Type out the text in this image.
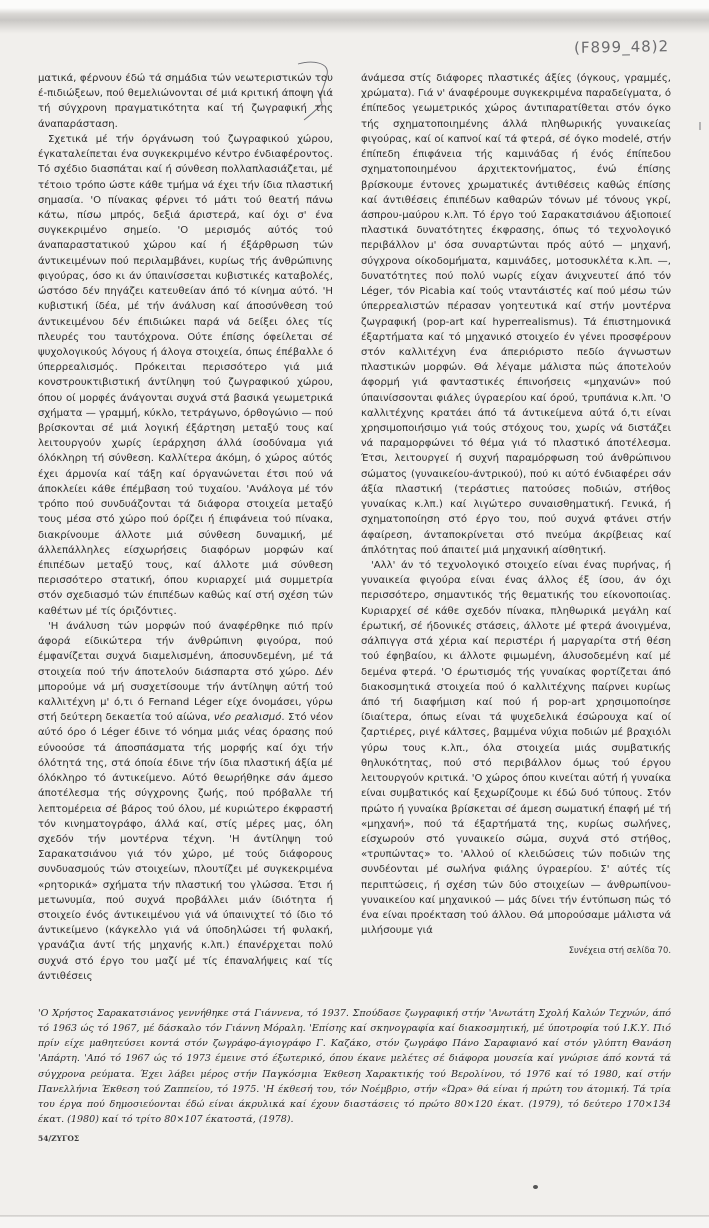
(F899_48)2

ματικά, φέρνουν έδώ τά σημάδια τών νεωτεριστικών του έ-πιδιώξεων, πού θεμελιώνονται σέ μιά κριτική άποψη γιά τή σύγχρονη πραγματικότητα καί τή ζωγραφική της άναπαράσταση.

Σχετικά μέ τήν όργάνωση τού ζωγραφικού χώρου, έγκαταλείπεται ένα συγκεκριμένο κέντρο ένδιαφέροντος. Τό σχέδιο διασπάται καί ή σύνθεση πολλαπλασιάζεται, μέ τέτοιο τρόπο ώστε κάθε τμήμα νά έχει τήν ίδια πλαστική σημασία. 'Ο πίνακας φέρνει τό μάτι τού θεατή πάνω κάτω, πίσω μπρός, δεξιά άριστερά, καί όχι σ' ένα συγκεκριμένο σημείο. 'Ο μερισμός αύτός τού άναπαραστατικού χώρου καί ή έξάρθρωση τών άντικειμένων πού περιλαμβάνει, κυρίως τής άνθρώπινης φιγούρας, όσο κι άν ύπαινίσσεται κυβιστικές καταβολές, ώστόσο δέν πηγάζει κατευθείαν άπό τό κίνημα αύτό. 'Η κυβιστική ίδέα, μέ τήν άνάλυση καί άποσύνθεση τού άντικειμένου δέν έπιδιώκει παρά νά δείξει όλες τίς πλευρές του ταυτόχρονα. Ούτε έπίσης όφείλεται σέ ψυχολογικούς λόγους ή άλογα στοιχεία, όπως έπέβαλλε ό ύπερρεαλισμός. Πρόκειται περισσότερο γιά μιά κονστρουκτιβιστική άντίληψη τού ζωγραφικού χώρου, όπου οί μορφές άνάγονται συχνά στά βασικά γεωμετρικά σχήματα — γραμμή, κύκλο, τετράγωνο, όρθογώνιο — πού βρίσκονται σέ μιά λογική έξάρτηση μεταξύ τους καί λειτουργούν χωρίς ίεράρχηση άλλά ίσοδύναμα γιά όλόκληρη τή σύνθεση. Καλλίτερα άκόμη, ό χώρος αύτός έχει άρμονία καί τάξη καί όργανώνεται έτσι πού νά άποκλείει κάθε έπέμβαση τού τυχαίου. 'Ανάλογα μέ τόν τρόπο πού συνδυάζονται τά διάφορα στοιχεία μεταξύ τους μέσα στό χώρο πού όρίζει ή έπιφάνεια τού πίνακα, διακρίνουμε άλλοτε μιά σύνθεση δυναμική, μέ άλλεπάλληλες είσχωρήσεις διαφόρων μορφών καί έπιπέδων μεταξύ τους, καί άλλοτε μιά σύνθεση περισσότερο στατική, όπου κυριαρχεί μιά συμμετρία στόν σχεδιασμό τών έπιπέδων καθώς καί στή σχέση τών καθέτων μέ τίς όριζόντιες.

'Η άνάλυση τών μορφών πού άναφέρθηκε πιό πρίν άφορά είδικώτερα τήν άνθρώπινη φιγούρα, πού έμφανίζεται συχνά διαμελισμένη, άποσυνδεμένη, μέ τά στοιχεία πού τήν άποτελούν διάσπαρτα στό χώρο. Δέν μπορούμε νά μή συσχετίσουμε τήν άντίληψη αύτή τού καλλιτέχνη μ' ό,τι ό Fernand Léger είχε όνομάσει, γύρω στή δεύτερη δεκαετία τού αίώνα, νέο ρεαλισμό. Στό νέον αύτό όρο ό Léger έδινε τό νόημα μιάς νέας όρασης πού εύνοούσε τά άποσπάσματα τής μορφής καί όχι τήν όλότητά της, στά όποία έδινε τήν ίδια πλαστική άξία μέ όλόκληρο τό άντικείμενο. Αύτό θεωρήθηκε σάν άμεσο άποτέλεσμα τής σύγχρονης ζωής, πού πρόβαλλε τή λεπτομέρεια σέ βάρος τού όλου, μέ κυριώτερο έκφραστή τόν κινηματογράφο, άλλά καί, στίς μέρες μας, όλη σχεδόν τήν μοντέρνα τέχνη. 'Η άντίληψη τού Σαρακατσιάνου γιά τόν χώρο, μέ τούς διάφορους συνδυασμούς τών στοιχείων, πλουτίζει μέ συγκεκριμένα «ρητορικά» σχήματα τήν πλαστική του γλώσσα. Έτσι ή μετωνυμία, πού συχνά προβάλλει μιάν ίδιότητα ή στοιχείο ένός άντικειμένου γιά νά ύπαινιχτεί τό ίδιο τό άντικείμενο (κάγκελλο γιά νά ύποδηλώσει τή φυλακή, γρανάζια άντί τής μηχανής κ.λπ.) έπανέρχεται πολύ συχνά στό έργο του μαζί μέ τίς έπαναλήψεις καί τίς άντιθέσεις

άνάμεσα στίς διάφορες πλαστικές άξίες (όγκους, γραμμές, χρώματα). Γιά ν' άναφέρουμε συγκεκριμένα παραδείγματα, ό έπίπεδος γεωμετρικός χώρος άντιπαρατίθεται στόν όγκο τής σχηματοποιημένης άλλά πληθωρικής γυναικείας φιγούρας, καί οί καπνοί καί τά φτερά, σέ όγκο modelé, στήν έπίπεδη έπιφάνεια τής καμινάδας ή ένός έπίπεδου σχηματοποιημένου άρχιτεκτονήματος, ένώ έπίσης βρίσκουμε έντονες χρωματικές άντιθέσεις καθώς έπίσης καί άντιθέσεις έπιπέδων καθαρών τόνων μέ τόνους γκρί, άσπρου-μαύρου κ.λπ. Τό έργο τού Σαρακατσιάνου άξιοποιεί πλαστικά δυνατότητες έκφρασης, όπως τό τεχνολογικό περιβάλλον μ' όσα συναρτώνται πρός αύτό — μηχανή, σύγχρονα οίκοδομήματα, καμινάδες, μοτοσυκλέτα κ.λπ. —, δυνατότητες πού πολύ νωρίς είχαν άνιχνευτεί άπό τόν Léger, τόν Picabia καί τούς νταντάιστές καί πού μέσω τών ύπερρεαλιστών πέρασαν γοητευτικά καί στήν μοντέρνα ζωγραφική (pop-art καί hyperrealismus). Τά έπιστημονικά έξαρτήματα καί τό μηχανικό στοιχείο έν γένει προσφέρουν στόν καλλιτέχνη ένα άπεριόριστο πεδίο άγνωστων πλαστικών μορφών. Θά λέγαμε μάλιστα πώς άποτελούν άφορμή γιά φανταστικές έπινοήσεις «μηχανών» πού ύπαινίσσονται φιάλες ύγραερίου καί όρού, τρυπάνια κ.λπ. 'Ο καλλιτέχνης κρατάει άπό τά άντικείμενα αύτά ό,τι είναι χρησιμοποιήσιμο γιά τούς στόχους του, χωρίς νά διστάζει νά παραμορφώνει τό θέμα γιά τό πλαστικό άποτέλεσμα. Έτσι, λειτουργεί ή συχνή παραμόρφωση τού άνθρώπινου σώματος (γυναικείου-άντρικού), πού κι αύτό ένδιαφέρει σάν άξία πλαστική (τεράστιες πατούσες ποδιών, στήθος γυναίκας κ.λπ.) καί λιγώτερο συναισθηματική. Γενικά, ή σχηματοποίηση στό έργο του, πού συχνά φτάνει στήν άφαίρεση, άνταποκρίνεται στό πνεύμα άκρίβειας καί άπλότητας πού άπαιτεί μιά μηχανική αίσθητική.

'Αλλ' άν τό τεχνολογικό στοιχείο είναι ένας πυρήνας, ή γυναικεία φιγούρα είναι ένας άλλος έξ ίσου, άν όχι περισσότερο, σημαντικός τής θεματικής του είκονοποιίας. Κυριαρχεί σέ κάθε σχεδόν πίνακα, πληθωρικά μεγάλη καί έρωτική, σέ ήδονικές στάσεις, άλλοτε μέ φτερά άνοιγμένα, σάλπιγγα στά χέρια καί περιστέρι ή μαργαρίτα στή θέση τού έφηβαίου, κι άλλοτε φιμωμένη, άλυσοδεμένη καί μέ δεμένα φτερά. 'Ο έρωτισμός τής γυναίκας φορτίζεται άπό διακοσμητικά στοιχεία πού ό καλλιτέχνης παίρνει κυρίως άπό τή διαφήμιση καί πού ή pop-art χρησιμοποίησε ίδιαίτερα, όπως είναι τά ψυχεδελικά έσώρουχα καί οί ζαρτιέρες, ριγέ κάλτσες, βαμμένα νύχια ποδιών μέ βραχιόλι γύρω τους κ.λπ., όλα στοιχεία μιάς συμβατικής θηλυκότητας, πού στό περιβάλλον όμως τού έργου λειτουργούν κριτικά. 'Ο χώρος όπου κινείται αύτή ή γυναίκα είναι συμβατικός καί ξεχωρίζουμε κι έδώ δυό τύπους. Στόν πρώτο ή γυναίκα βρίσκεται σέ άμεση σωματική έπαφή μέ τή «μηχανή», πού τά έξαρτήματά της, κυρίως σωλήνες, είσχωρούν στό γυναικείο σώμα, συχνά στό στήθος, «τρυπώντας» το. 'Αλλού οί κλειδώσεις τών ποδιών της συνδέονται μέ σωλήνα φιάλης ύγραερίου. Σ' αύτές τίς περιπτώσεις, ή σχέση τών δύο στοιχείων — άνθρωπίνου-γυναικείου καί μηχανικού — μάς δίνει τήν έντύπωση πώς τό ένα είναι προέκταση τού άλλου. Θά μπορούσαμε μάλιστα νά μιλήσουμε γιά

Συνέχεια στή σελίδα 70.
'Ο Χρήστος Σαρακατσιάνος γεννήθηκε στά Γιάννενα, τό 1937. Σπούδασε ζωγραφική στήν 'Ανωτάτη Σχολή Καλών Τεχνών, άπό τό 1963 ώς τό 1967, μέ δάσκαλο τόν Γιάννη Μόραλη. 'Επίσης καί σκηνογραφία καί διακοσμητική, μέ ύποτροφία τού Ι.Κ.Υ. Πιό πρίν είχε μαθητεύσει κοντά στόν ζωγράφο-άγιογράφο Γ. Καζάκο, στόν ζωγράφο Πάνο Σαραφιανό καί στόν γλύπτη Θανάση 'Απάρτη. 'Από τό 1967 ώς τό 1973 έμεινε στό έξωτερικό, όπου έκανε μελέτες σέ διάφορα μουσεία καί γνώρισε άπό κοντά τά σύγχρονα ρεύματα. Έχει λάβει μέρος στήν Παγκόσμια Έκθεση Χαρακτικής τού Βερολίνου, τό 1976 καί τό 1980, καί στήν Πανελλήνια Έκθεση τού Ζαππείου, τό 1975. 'Η έκθεσή του, τόν Νοέμβριο, στήν «Ώρα» θά είναι ή πρώτη του άτομική. Τά τρία του έργα πού δημοσιεύονται έδώ είναι άκρυλικά καί έχουν διαστάσεις τό πρώτο 80×120 έκατ. (1979), τό δεύτερο 170×134 έκατ. (1980) καί τό τρίτο 80×107 έκατοστά, (1978).
54/ΖΥΓΟΣ
